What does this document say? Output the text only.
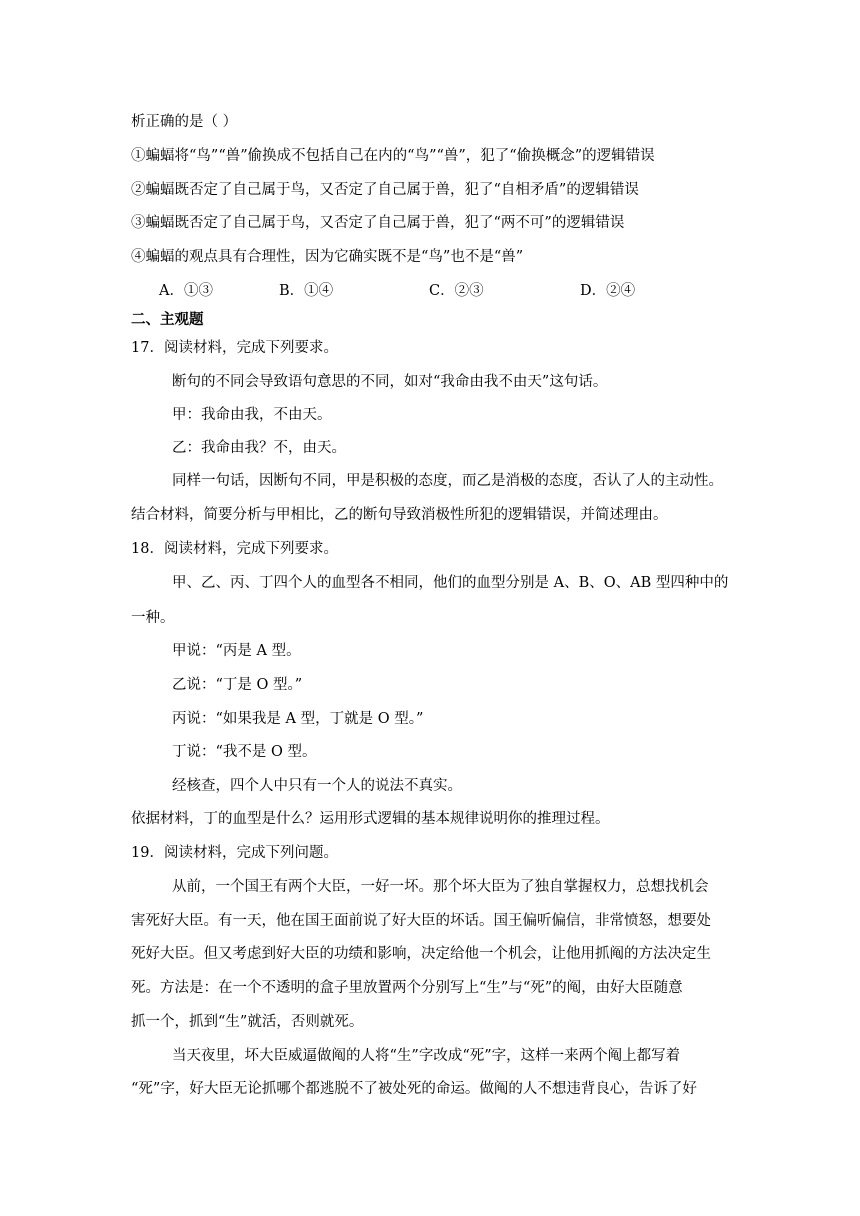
析正确的是（ ）
①蝙蝠将“鸟”“兽”偷换成不包括自己在内的“鸟”“兽”，犯了“偷换概念”的逻辑错误
②蝙蝠既否定了自己属于鸟，又否定了自己属于兽，犯了“自相矛盾”的逻辑错误
③蝙蝠既否定了自己属于鸟，又否定了自己属于兽，犯了“两不可”的逻辑错误
④蝙蝠的观点具有合理性，因为它确实既不是“鸟”也不是“兽”
A．①③	B．①④	C．②③	D．②④
二、主观题
17．阅读材料，完成下列要求。
断句的不同会导致语句意思的不同，如对“我命由我不由天”这句话。
甲：我命由我，不由天。
乙：我命由我？不，由天。
同样一句话，因断句不同，甲是积极的态度，而乙是消极的态度，否认了人的主动性。
结合材料，简要分析与甲相比，乙的断句导致消极性所犯的逻辑错误，并简述理由。
18．阅读材料，完成下列要求。
甲、乙、丙、丁四个人的血型各不相同，他们的血型分别是 A、B、O、AB 型四种中的
一种。
甲说：“丙是 A 型。
乙说：“丁是 O 型。”
丙说：“如果我是 A 型，丁就是 O 型。”
丁说：“我不是 O 型。
经核查，四个人中只有一个人的说法不真实。
依据材料，丁的血型是什么？运用形式逻辑的基本规律说明你的推理过程。
19．阅读材料，完成下列问题。
从前，一个国王有两个大臣，一好一坏。那个坏大臣为了独自掌握权力，总想找机会
害死好大臣。有一天，他在国王面前说了好大臣的坏话。国王偏听偏信，非常愤怒，想要处
死好大臣。但又考虑到好大臣的功绩和影响，决定给他一个机会，让他用抓阄的方法决定生
死。方法是：在一个不透明的盒子里放置两个分别写上“生”与“死”的阄，由好大臣随意
抓一个，抓到“生”就活，否则就死。
当天夜里，坏大臣威逼做阄的人将“生”字改成“死”字，这样一来两个阄上都写着
“死”字，好大臣无论抓哪个都逃脱不了被处死的命运。做阄的人不想违背良心，告诉了好
